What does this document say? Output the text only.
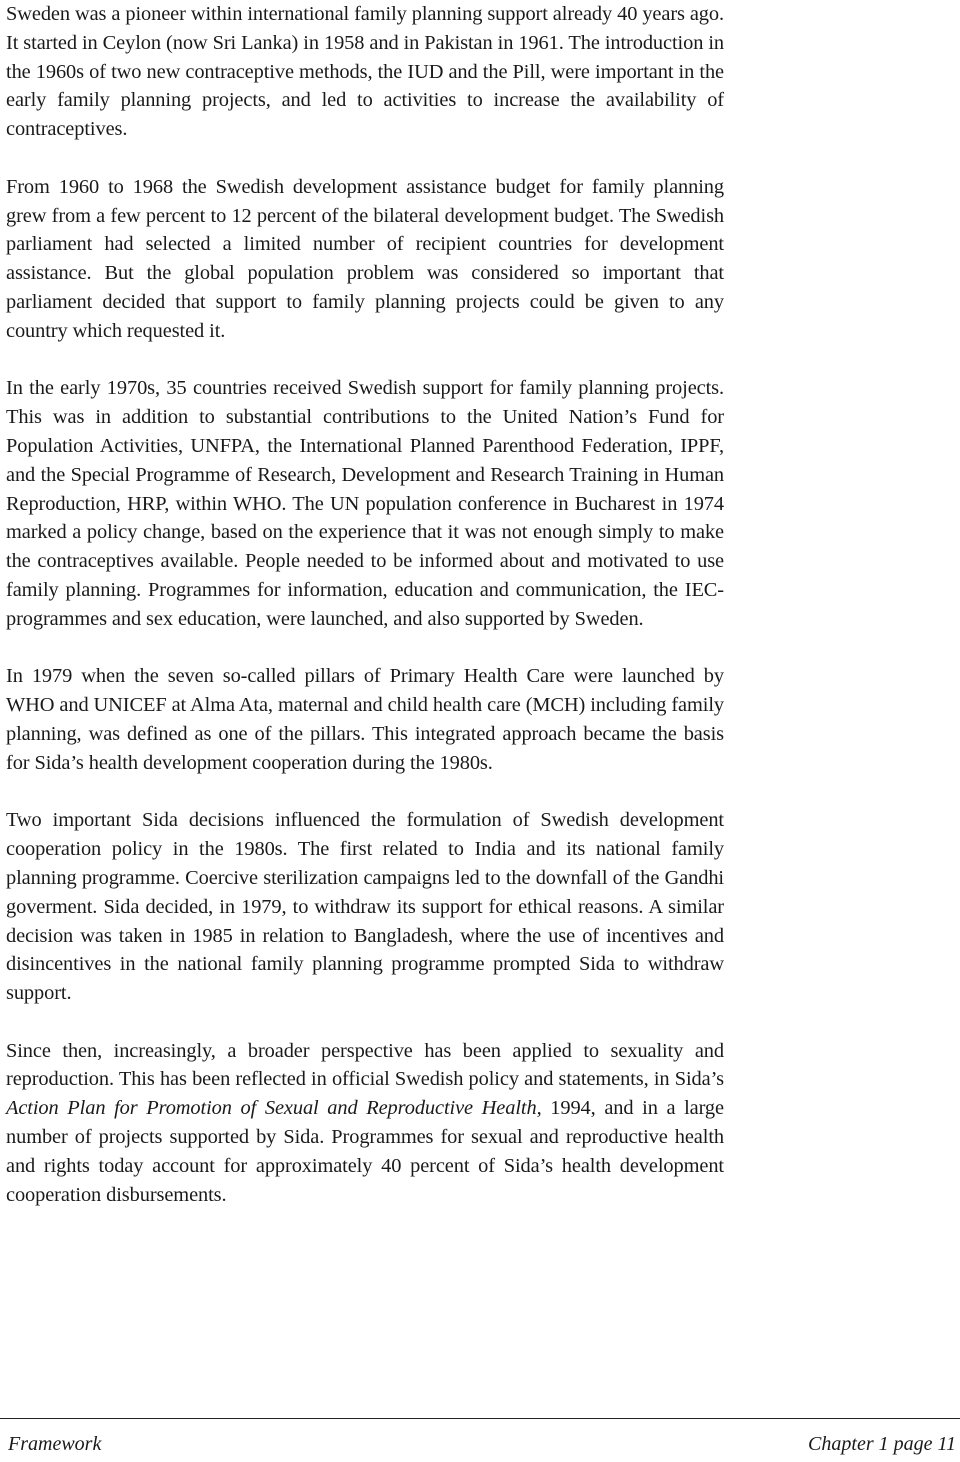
Sweden was a pioneer within international family planning support already 40 years ago. It started in Ceylon (now Sri Lanka) in 1958 and in Pakistan in 1961. The introduction in the 1960s of two new contraceptive methods, the IUD and the Pill, were important in the early family planning projects, and led to activities to increase the availability of contraceptives.

From 1960 to 1968 the Swedish development assistance budget for family planning grew from a few percent to 12 percent of the bilateral development budget. The Swedish parliament had selected a limited number of recipient countries for development assistance. But the global population problem was considered so important that parliament decided that support to family planning projects could be given to any country which requested it.

In the early 1970s, 35 countries received Swedish support for family planning projects. This was in addition to substantial contributions to the United Nation’s Fund for Population Activities, UNFPA, the International Planned Parenthood Federation, IPPF, and the Special Programme of Research, Development and Research Training in Human Reproduction, HRP, within WHO. The UN population conference in Bucharest in 1974 marked a policy change, based on the experience that it was not enough simply to make the contraceptives available. People needed to be informed about and motivated to use family planning. Programmes for information, education and communication, the IEC-programmes and sex education, were launched, and also supported by Sweden.

In 1979 when the seven so-called pillars of Primary Health Care were launched by WHO and UNICEF at Alma Ata, maternal and child health care (MCH) including family planning, was defined as one of the pillars. This integrated approach became the basis for Sida’s health development cooperation during the 1980s.

Two important Sida decisions influenced the formulation of Swedish development cooperation policy in the 1980s. The first related to India and its national family planning programme. Coercive sterilization campaigns led to the downfall of the Gandhi goverment. Sida decided, in 1979, to withdraw its support for ethical reasons. A similar decision was taken in 1985 in relation to Bangladesh, where the use of incentives and disincentives in the national family planning programme prompted Sida to withdraw support.

Since then, increasingly, a broader perspective has been applied to sexuality and reproduction. This has been reflected in official Swedish policy and statements, in Sida’s Action Plan for Promotion of Sexual and Reproductive Health, 1994, and in a large number of projects supported by Sida. Programmes for sexual and reproductive health and rights today account for approximately 40 percent of Sida’s health development cooperation disbursements.

Framework	Chapter 1 page 11
